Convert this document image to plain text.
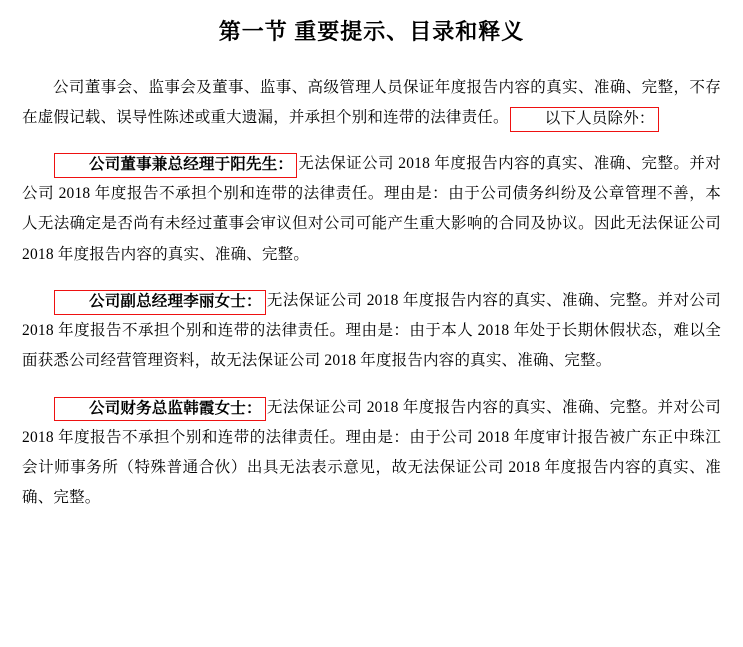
第一节 重要提示、目录和释义
公司董事会、监事会及董事、监事、高级管理人员保证年度报告内容的真实、准确、完整，不存在虚假记载、误导性陈述或重大遗漏，并承担个别和连带的法律责任。 以下人员除外：
公司董事兼总经理于阳先生： 无法保证公司 2018 年度报告内容的真实、准确、完整。并对公司 2018 年度报告不承担个别和连带的法律责任。理由是：由于公司债务纠纷及公章管理不善，本人无法确定是否尚有未经过董事会审议但对公司可能产生重大影响的合同及协议。因此无法保证公司 2018 年度报告内容的真实、准确、完整。
公司副总经理李丽女士： 无法保证公司 2018 年度报告内容的真实、准确、完整。并对公司 2018 年度报告不承担个别和连带的法律责任。理由是：由于本人 2018 年处于长期休假状态，难以全面获悉公司经营管理资料，故无法保证公司 2018 年度报告内容的真实、准确、完整。
公司财务总监韩霞女士： 无法保证公司 2018 年度报告内容的真实、准确、完整。并对公司 2018 年度报告不承担个别和连带的法律责任。理由是：由于公司 2018 年度审计报告被广东正中珠江会计师事务所（特殊普通合伙）出具无法表示意见，故无法保证公司 2018 年度报告内容的真实、准确、完整。
